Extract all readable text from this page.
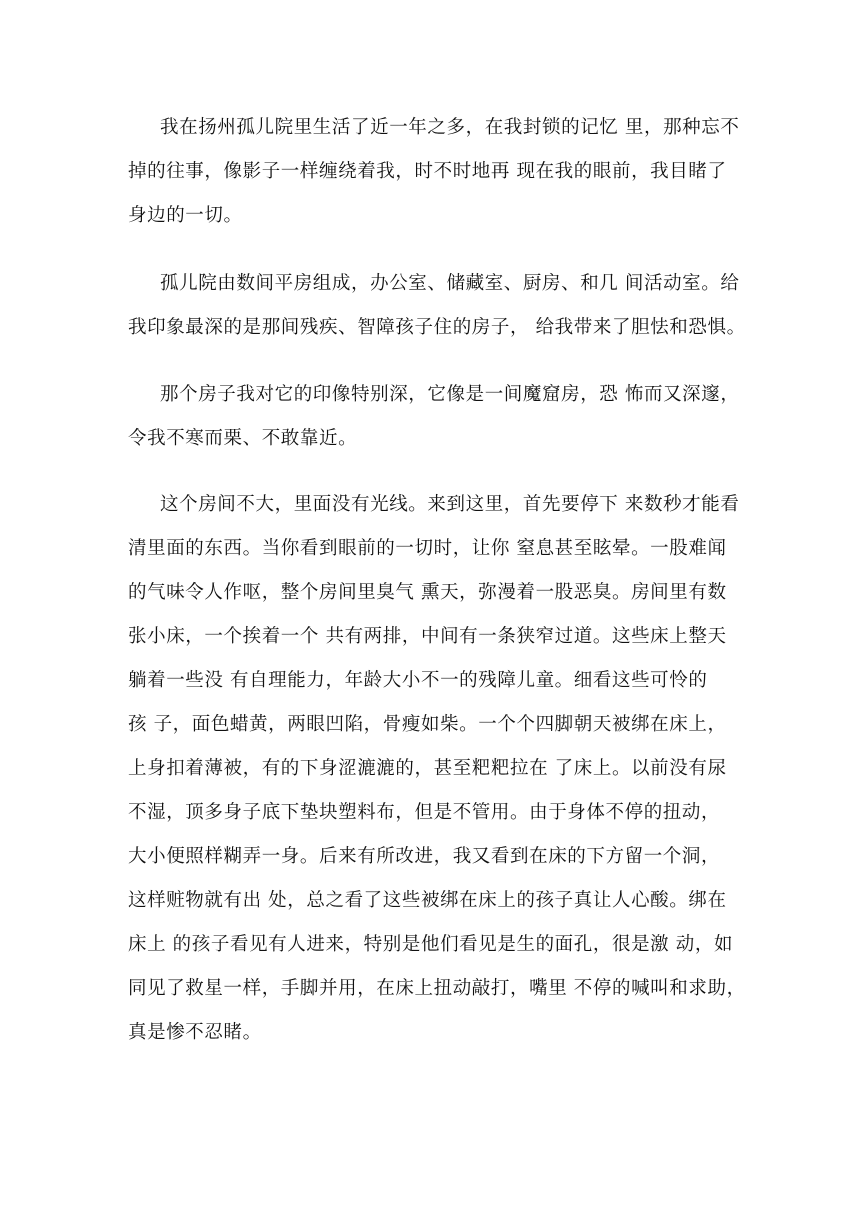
我在扬州孤儿院里生活了近一年之多，在我封锁的记忆 里，那种忘不
掉的往事，像影子一样缠绕着我，时不时地再 现在我的眼前，我目睹了
身边的一切。
孤儿院由数间平房组成，办公室、储藏室、厨房、和几 间活动室。给
我印象最深的是那间残疾、智障孩子住的房子， 给我带来了胆怯和恐惧。
那个房子我对它的印像特别深，它像是一间魔窟房，恐 怖而又深邃，
令我不寒而栗、不敢靠近。
这个房间不大，里面没有光线。来到这里，首先要停下 来数秒才能看
清里面的东西。当你看到眼前的一切时，让你 窒息甚至眩晕。一股难闻
的气味令人作呕，整个房间里臭气 熏天，弥漫着一股恶臭。房间里有数
张小床，一个挨着一个 共有两排，中间有一条狭窄过道。这些床上整天
躺着一些没 有自理能力，年龄大小不一的残障儿童。细看这些可怜的
孩 子，面色蜡黄，两眼凹陷，骨瘦如柴。一个个四脚朝天被绑在床上，
上身扣着薄被，有的下身涩漉漉的，甚至粑粑拉在 了床上。以前没有尿
不湿，顶多身子底下垫块塑料布，但是不管用。由于身体不停的扭动，
大小便照样糊弄一身。后来有所改进，我又看到在床的下方留一个洞，
这样赃物就有出 处，总之看了这些被绑在床上的孩子真让人心酸。绑在
床上 的孩子看见有人进来，特别是他们看见是生的面孔，很是激 动，如
同见了救星一样，手脚并用，在床上扭动敲打，嘴里 不停的喊叫和求助，
真是惨不忍睹。
